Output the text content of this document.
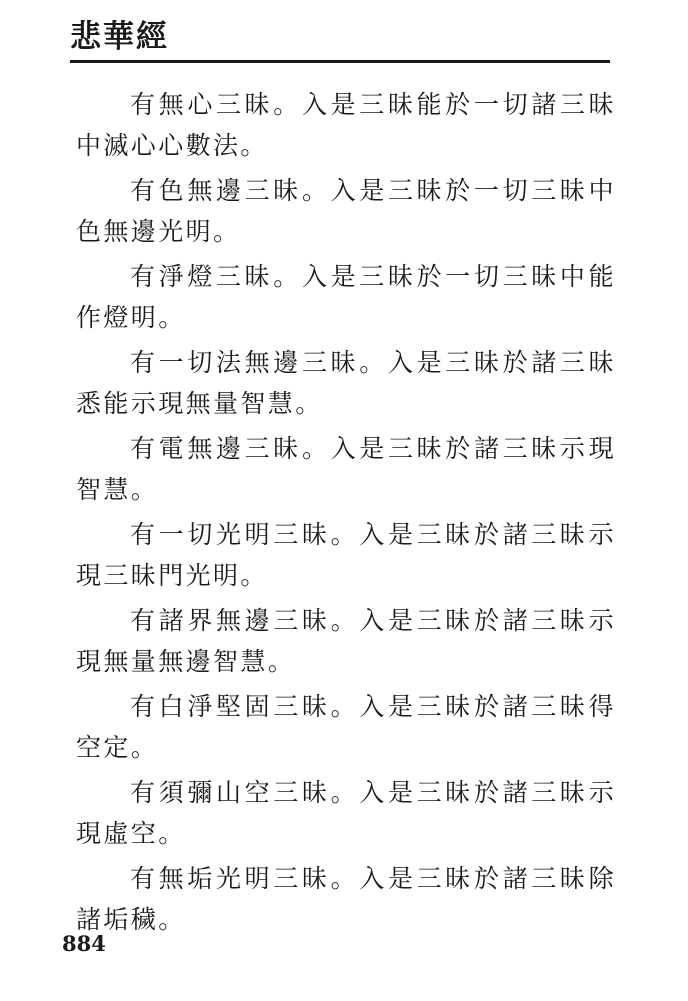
悲華經

有無心三昧。入是三昧能於一切諸三昧中滅心心數法。

有色無邊三昧。入是三昧於一切三昧中色無邊光明。

有淨燈三昧。入是三昧於一切三昧中能作燈明。

有一切法無邊三昧。入是三昧於諸三昧悉能示現無量智慧。

有電無邊三昧。入是三昧於諸三昧示現智慧。

有一切光明三昧。入是三昧於諸三昧示現三昧門光明。

有諸界無邊三昧。入是三昧於諸三昧示現無量無邊智慧。

有白淨堅固三昧。入是三昧於諸三昧得空定。

有須彌山空三昧。入是三昧於諸三昧示現虛空。

有無垢光明三昧。入是三昧於諸三昧除諸垢穢。

884
